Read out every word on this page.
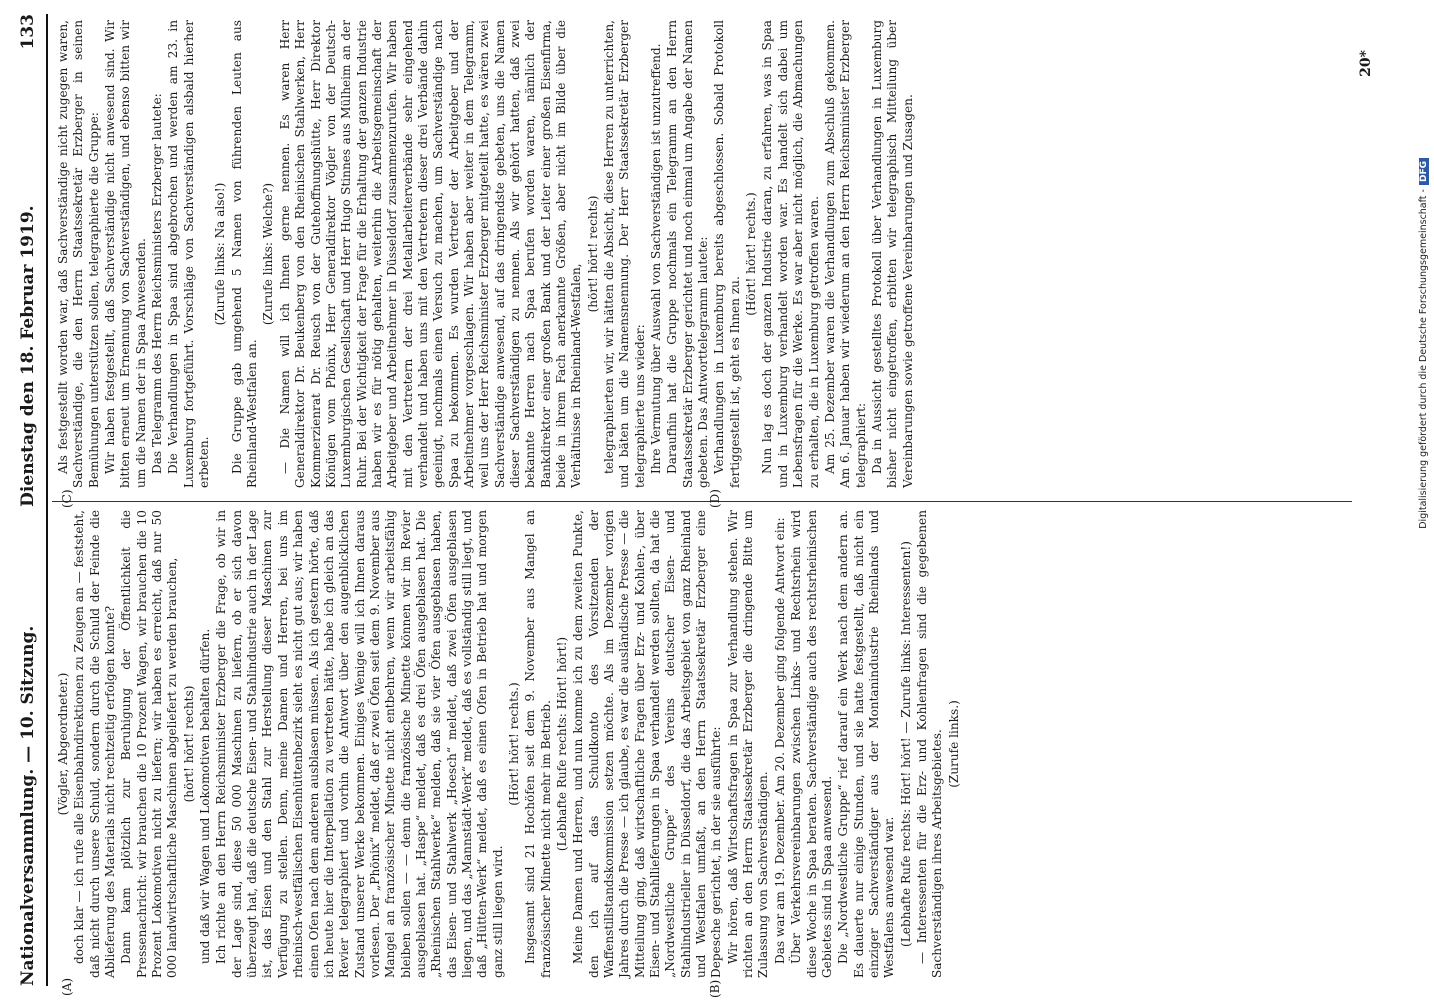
Nationalversammlung. — 10. Sitzung.
Dienstag den 18. Februar 1919. 133

(Vögler, Abgeordneter.) doch klar — ich rufe alle Eisenbahndirektionen zu Zeugen an — feststeht, daß nicht durch unsere Schuld, sondern durch die Schuld der Feinde die Ablieferung des Materials nicht rechtzeitig erfolgen konnte? Dann kam plötzlich zur Beruhigung der Öffentlichkeit die Pressenachricht: wir brauchen die 10 Prozent Wagen, wir brauchen die 10 Prozent Lokomotiven nicht zu liefern; wir haben es erreicht, daß nur 50 000 landwirtschaftliche Maschinen abgeliefert zu werden brauchen, (hört! hört! rechts) und daß wir Wagen und Lokomotiven behalten dürfen. Ich richte an den Herrn Reichsminister Erzberger die Frage, ob wir in der Lage sind, diese 50 000 Maschinen zu liefern, ob er sich davon überzeugt hat, daß die deutsche Eisen- und Stahlindustrie auch in der Lage ist, das Eisen und den Stahl zur Herstellung dieser Maschinen zur Verfügung zu stellen. Denn, meine Damen und Herren, bei uns im rheinisch-westfälischen Eisenhüttenbezirk sieht es nicht gut aus; wir haben einen Ofen nach dem anderen ausblasen müssen. Als ich gestern hörte, daß ich heute hier die Interpellation zu vertreten hätte, habe ich gleich an das Revier telegraphiert und vorhin die Antwort über den augenblicklichen Zustand unserer Werke bekommen. Einiges Wenige will ich Ihnen daraus vorlesen. Der „Phönix“ meldet, daß er zwei Öfen seit dem 9. November aus Mangel an französischer Minette nicht entbehren, wenn wir arbeitsfähig bleiben sollen — — denn die französische Minette können wir im Revier ausgeblasen hat. „Haspe“ meldet, daß es drei Öfen ausgeblasen hat. Die „Rheinischen Stahlwerke“ melden, daß sie vier Öfen ausgeblasen haben, das Eisen- und Stahlwerk „Hoesch“ meldet, daß zwei Öfen ausgeblasen liegen, und das „Mannstädt-Werk“ meldet, daß es vollständig still liegt, und daß „Hütten-Werk“ meldet, daß es einen Ofen in Betrieb hat und morgen ganz still liegen wird.

(Hört! hört! rechts.) Insgesamt sind 21 Hochöfen seit dem 9. November aus Mangel an französischer Minette nicht mehr im Betrieb. (Lebhafte Rufe rechts: Hört! hört!) Meine Damen und Herren, und nun komme ich zu dem zweiten Punkte, den ich auf das Schuldkonto des Vorsitzenden der Waffenstillstandskommission setzen möchte. Als im Dezember vorigen Jahres durch die Presse — ich glaube, es war die ausländische Presse — die Mitteilung ging, daß wirtschaftliche Fragen über Erz- und Kohlen-, über Eisen- und Stahllieferungen in Spaa verhandelt werden sollten, da hat die „Nordwestliche Gruppe“ des Vereins deutscher Eisen- und Stahlindustrieller in Düsseldorf, die das Arbeitsgebiet von ganz Rheinland und Westfalen umfaßt, an den Herrn Staatssekretär Erzberger eine Depesche gerichtet, in der sie ausführte: Wir hören, daß Wirtschaftsfragen in Spaa zur Verhandlung stehen. Wir richten an den Herrn Staatssekretär Erzberger die dringende Bitte um Zulassung von Sachverständigen. Das war am 19. Dezember. Am 20. Dezember ging folgende Antwort ein: Über Verkehrsvereinbarungen zwischen Links- und Rechtsrhein wird diese Woche in Spaa beraten. Sachverständige auch des rechtsrheinischen Gebietes sind in Spaa anwesend. Die „Nordwestliche Gruppe“ rief darauf ein Werk nach dem andern an. Es dauerte nur einige Stunden, und sie hatte festgestellt, daß nicht ein einziger Sachverständiger aus der Montanindustrie Rheinlands und Westfalens anwesend war. (Lebhafte Rufe rechts: Hört! hört! — Zurufe links: Interessenten!) — Interessenten für die Erz- und Kohlenfragen sind die gegebenen Sachverständigen ihres Arbeitsgebietes. (Zurufe links.)

Als festgestellt worden war, daß Sachverständige nicht zugegen waren, Sachverständige, die den Herrn Staatssekretär Erzberger in seinen Bemühungen unterstützen sollen, telegraphierte die Gruppe: Wir haben festgestellt, daß Sachverständige nicht anwesend sind. Wir bitten erneut um Ernennung von Sachverständigen, und ebenso bitten wir um die Namen der in Spaa Anwesenden. Das Telegramm des Herrn Reichsministers Erzberger lautete: Die Verhandlungen in Spaa sind abgebrochen und werden am 23. in Luxemburg fortgeführt. Vorschläge von Sachverständigen alsbald hierher erbeten.

(Zurufe links: Na also!) Die Gruppe gab umgehend 5 Namen von führenden Leuten aus Rheinland-Westfalen an.

(Zurufe links: Welche?) — Die Namen will ich Ihnen gerne nennen. Es waren Herr Generaldirektor Dr. Beukenberg von den Rheinischen Stahlwerken, Herr Kommerzienrat Dr. Reusch von der Gutehoffnungshütte, Herr Direktor Könügen vom Phönix, Herr Generaldirektor Vögler von der Deutsch-Luxemburgischen Gesellschaft und Herr Hugo Stinnes aus Mülheim an der Ruhr. Bei der Wichtigkeit der Frage für die Erhaltung der ganzen Industrie haben wir es für nötig gehalten, weiterhin die Arbeitsgemeinschaft der Arbeitgeber und Arbeitnehmer in Düsseldorf zusammenzurufen. Wir haben mit den Vertretern der drei Metallarbeiterverbände sehr eingehend verhandelt und haben uns mit den Vertretern dieser drei Verbände dahin geeinigt, nochmals einen Versuch zu machen, um Sachverständige nach Spaa zu bekommen. Es wurden Vertreter der Arbeitgeber und der Arbeitnehmer vorgeschlagen. Wir haben aber weiter in dem Telegramm, weil uns der Herr Reichsminister Erzberger mitgeteilt hatte, es wären zwei Sachverständige anwesend, auf das dringendste gebeten, uns die Namen dieser Sachverständigen zu nennen. Als wir gehört hatten, daß zwei bekannte Herren nach Spaa berufen worden waren, nämlich der Bankdirektor einer großen Bank und der Leiter einer großen Eisenfirma, beide in ihrem Fach anerkannte Größen, aber nicht im Bilde über die Verhältnisse in Rheinland-Westfalen,

(hört! hört! rechts) telegraphierten wir, wir hätten die Absicht, diese Herren zu unterrichten, und bäten um die Namensnennung. Der Herr Staatssekretär Erzberger telegraphierte uns wieder: Ihre Vermutung über Auswahl von Sachverständigen ist unzutreffend. Daraufhin hat die Gruppe nochmals ein Telegramm an den Herrn Staatssekretär Erzberger gerichtet und noch einmal um Angabe der Namen gebeten. Das Antworttelegramm lautete: Verhandlungen in Luxemburg bereits abgeschlossen. Sobald Protokoll fertiggestellt ist, geht es Ihnen zu.

(Hört! hört! rechts.) Nun lag es doch der ganzen Industrie daran, zu erfahren, was in Spaa und in Luxemburg verhandelt worden war. Es handelt sich dabei um Lebensfragen für die Werke. Es war aber nicht möglich, die Abmachungen zu erhalten, die in Luxemburg getroffen waren. Am 25. Dezember waren die Verhandlungen zum Abschluß gekommen. Am 6. Januar haben wir wiederum an den Herrn Reichsminister Erzberger telegraphiert: Da in Aussicht gestelltes Protokoll über Verhandlungen in Luxemburg bisher nicht eingetroffen, erbitten wir telegraphisch Mitteilung über Vereinbarungen sowie getroffene Vereinbarungen und Zusagen.

(A)	(B)
(C)	(D)
20*
Digitalisierung gefördert durch die Deutsche Forschungsgemeinschaft -DFG
